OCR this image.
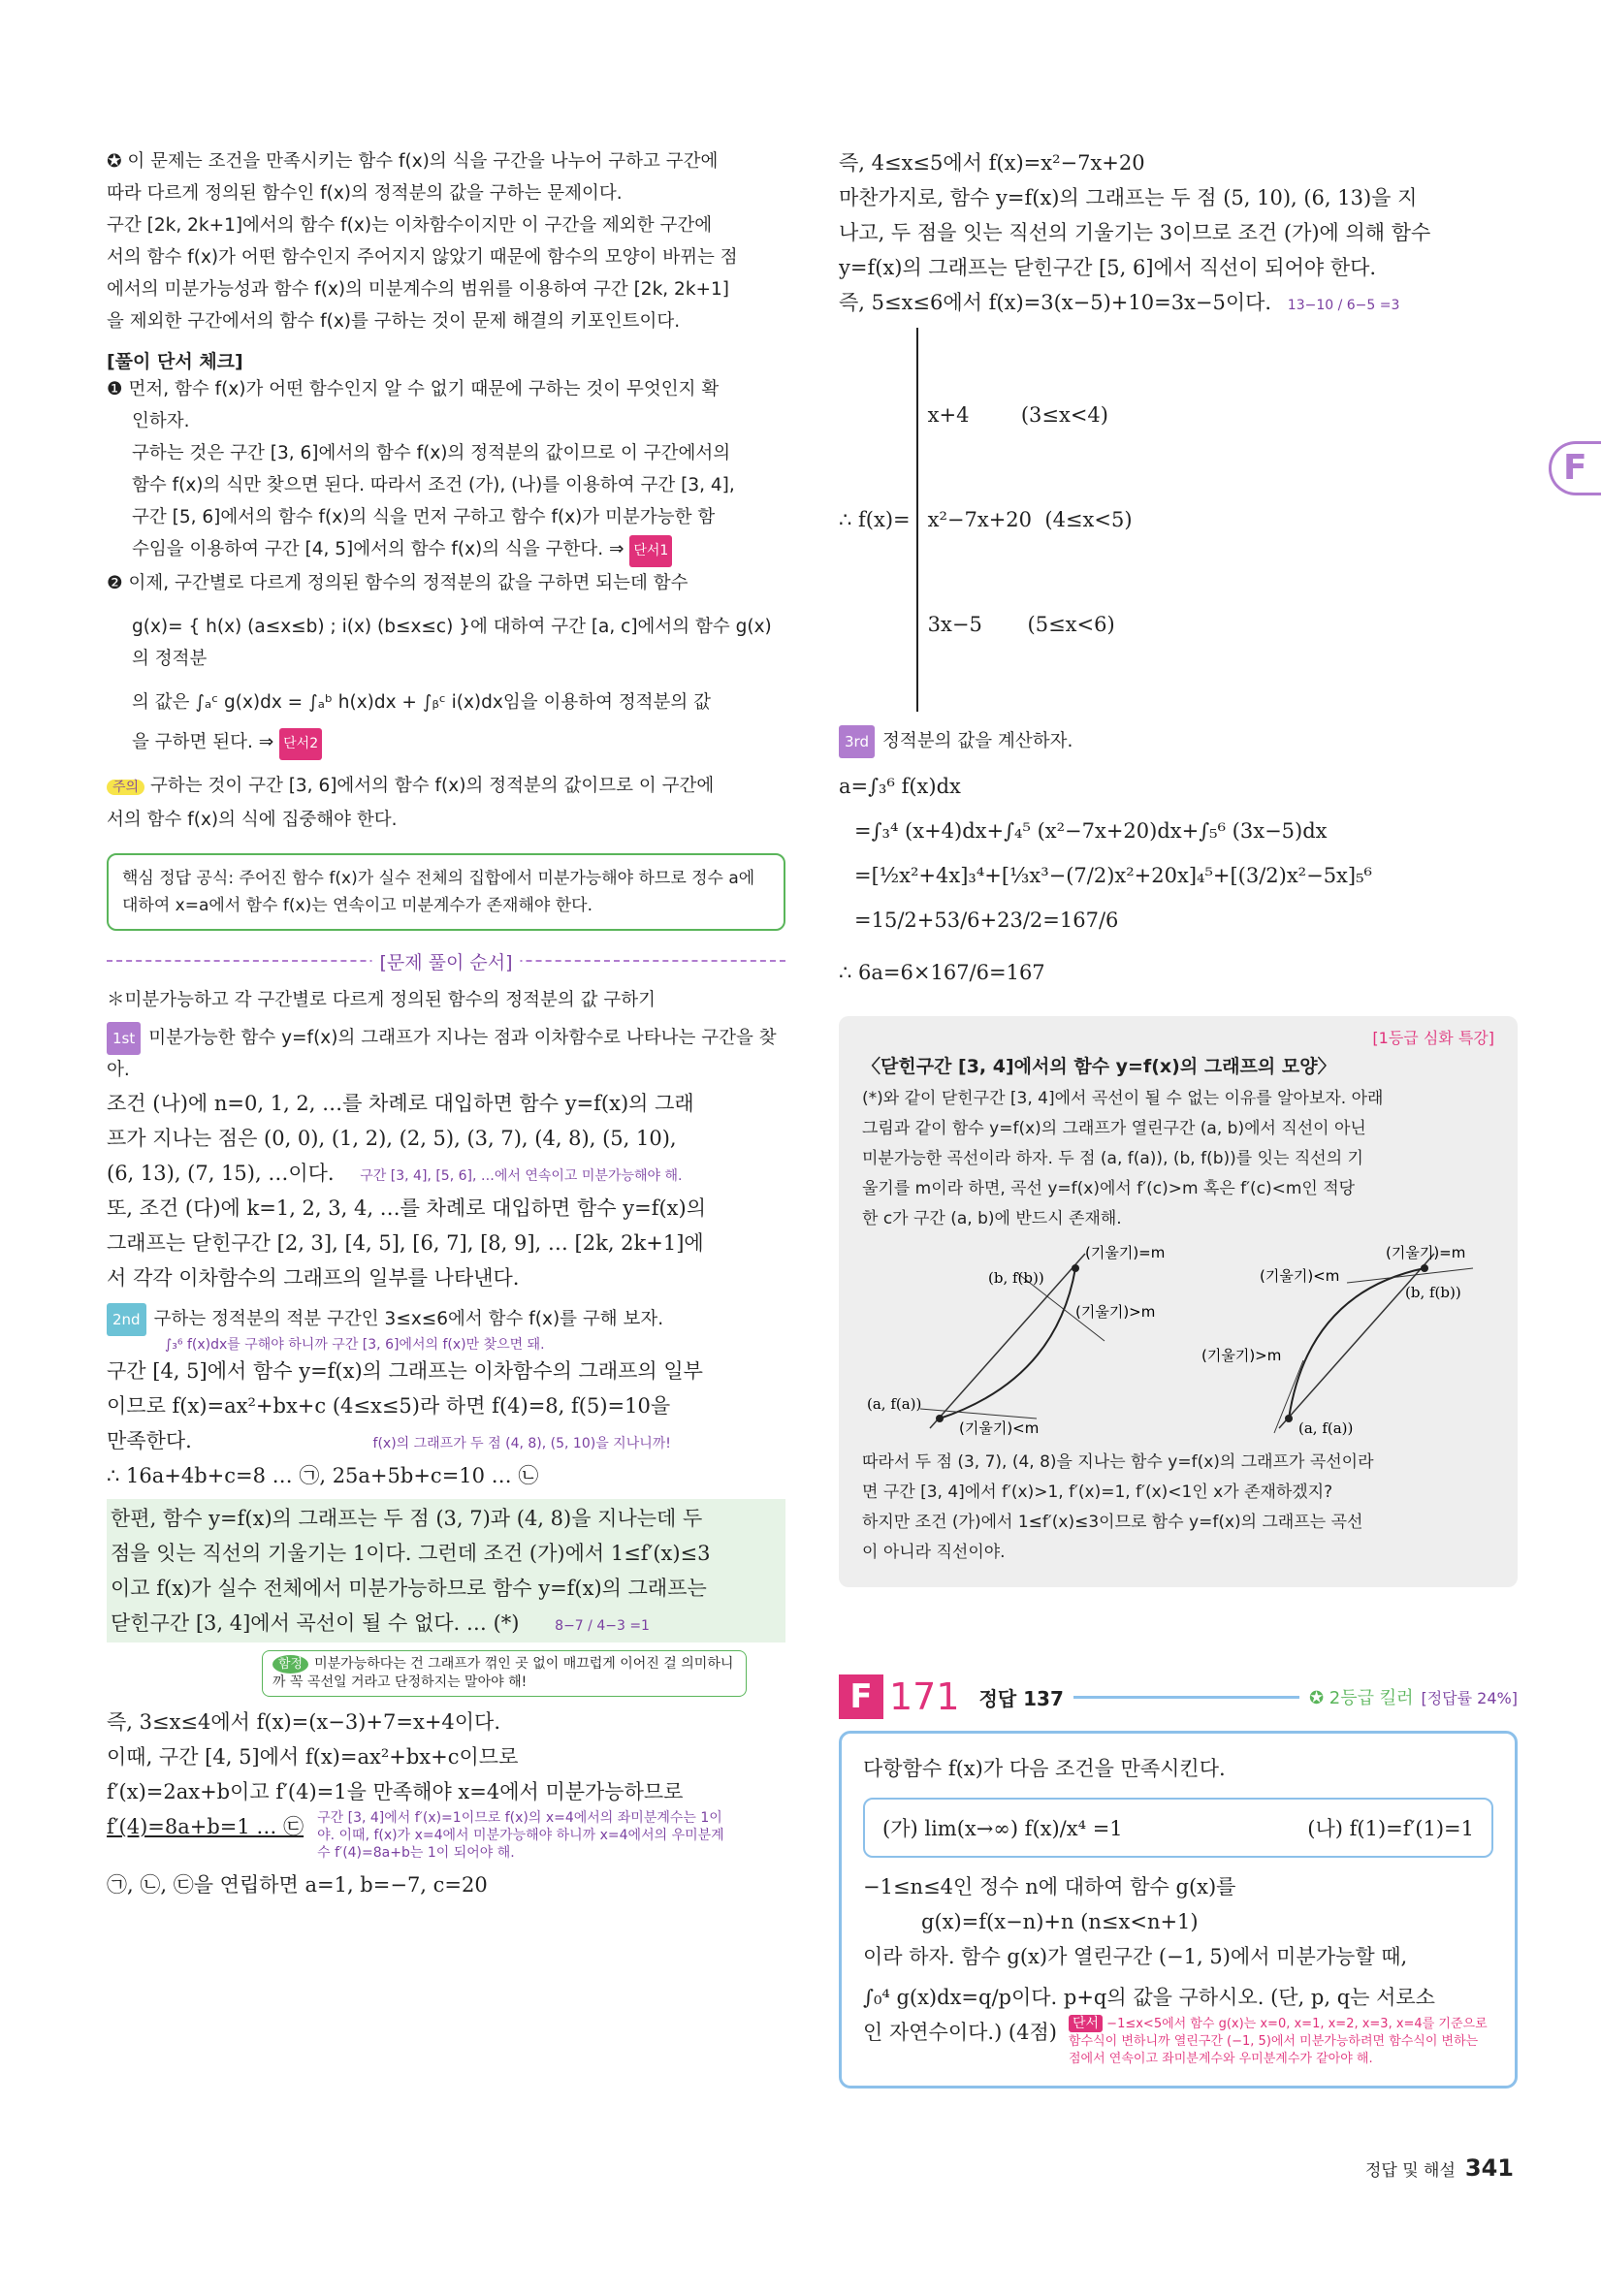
✪ 이 문제는 조건을 만족시키는 함수 f(x)의 식을 구간을 나누어 구하고 구간에
따라 다르게 정의된 함수인 f(x)의 정적분의 값을 구하는 문제이다.
구간 [2k, 2k+1]에서의 함수 f(x)는 이차함수이지만 이 구간을 제외한 구간에
서의 함수 f(x)가 어떤 함수인지 주어지지 않았기 때문에 함수의 모양이 바뀌는 점
에서의 미분가능성과 함수 f(x)의 미분계수의 범위를 이용하여 구간 [2k, 2k+1]
을 제외한 구간에서의 함수 f(x)를 구하는 것이 문제 해결의 키포인트이다.
[풀이 단서 체크]
❶ 먼저, 함수 f(x)가 어떤 함수인지 알 수 없기 때문에 구하는 것이 무엇인지 확
인하자.
구하는 것은 구간 [3, 6]에서의 함수 f(x)의 정적분의 값이므로 이 구간에서의
함수 f(x)의 식만 찾으면 된다. 따라서 조건 (가), (나)를 이용하여 구간 [3, 4],
구간 [5, 6]에서의 함수 f(x)의 식을 먼저 구하고 함수 f(x)가 미분가능한 함
수임을 이용하여 구간 [4, 5]에서의 함수 f(x)의 식을 구한다. ⇒ 단서1
❷ 이제, 구간별로 다르게 정의된 함수의 정적분의 값을 구하면 되는데 함수
g(x)= { h(x) (a≤x≤b) ; i(x) (b≤x≤c) }에 대하여 구간 [a, c]에서의 함수 g(x)의 정적분
의 값은 ∫ₐᶜ g(x)dx = ∫ₐᵇ h(x)dx + ∫ᵦᶜ i(x)dx임을 이용하여 정적분의 값
을 구하면 된다. ⇒ 단서2
주의 구하는 것이 구간 [3, 6]에서의 함수 f(x)의 정적분의 값이므로 이 구간에
서의 함수 f(x)의 식에 집중해야 한다.
핵심 정답 공식: 주어진 함수 f(x)가 실수 전체의 집합에서 미분가능해야 하므로 정수 a에 대하여 x=a에서 함수 f(x)는 연속이고 미분계수가 존재해야 한다.
[문제 풀이 순서]
＊미분가능하고 각 구간별로 다르게 정의된 함수의 정적분의 값 구하기
1st 미분가능한 함수 y=f(x)의 그래프가 지나는 점과 이차함수로 나타나는 구간을 찾아.
조건 (나)에 n=0, 1, 2, …를 차례로 대입하면 함수 y=f(x)의 그래
프가 지나는 점은 (0, 0), (1, 2), (2, 5), (3, 7), (4, 8), (5, 10),
(6, 13), (7, 15), …이다. 구간 [3, 4], [5, 6], …에서 연속이고 미분가능해야 해.
또, 조건 (다)에 k=1, 2, 3, 4, …를 차례로 대입하면 함수 y=f(x)의
그래프는 닫힌구간 [2, 3], [4, 5], [6, 7], [8, 9], … [2k, 2k+1]에
서 각각 이차함수의 그래프의 일부를 나타낸다.
2nd 구하는 정적분의 적분 구간인 3≤x≤6에서 함수 f(x)를 구해 보자.
∫₃⁶ f(x)dx를 구해야 하니까 구간 [3, 6]에서의 f(x)만 찾으면 돼.
구간 [4, 5]에서 함수 y=f(x)의 그래프는 이차함수의 그래프의 일부
이므로 f(x)=ax²+bx+c (4≤x≤5)라 하면 f(4)=8, f(5)=10을
만족한다.	f(x)의 그래프가 두 점 (4, 8), (5, 10)을 지나니까!
∴ 16a+4b+c=8 … ㉠, 25a+5b+c=10 … ㉡
한편, 함수 y=f(x)의 그래프는 두 점 (3, 7)과 (4, 8)을 지나는데 두
점을 잇는 직선의 기울기는 1이다. 그런데 조건 (가)에서 1≤f′(x)≤3
이고 f(x)가 실수 전체에서 미분가능하므로 함수 y=f(x)의 그래프는
닫힌구간 [3, 4]에서 곡선이 될 수 없다. … (*)	8−7 / 4−3 =1
함정 미분가능하다는 건 그래프가 꺾인 곳 없이 매끄럽게 이어진 걸 의미하니까 꼭 곡선일 거라고 단정하지는 말아야 해!
즉, 3≤x≤4에서 f(x)=(x−3)+7=x+4이다.
이때, 구간 [4, 5]에서 f(x)=ax²+bx+c이므로
f′(x)=2ax+b이고 f′(4)=1을 만족해야 x=4에서 미분가능하므로
f′(4)=8a+b=1 … ㉢ 구간 [3, 4]에서 f′(x)=1이므로 f(x)의 x=4에서의 좌미분계수는 1이야. 이때, f(x)가 x=4에서 미분가능해야 하니까 x=4에서의 우미분계수 f′(4)=8a+b는 1이 되어야 해.
㉠, ㉡, ㉢을 연립하면 a=1, b=−7, c=20
즉, 4≤x≤5에서 f(x)=x²−7x+20
마찬가지로, 함수 y=f(x)의 그래프는 두 점 (5, 10), (6, 13)을 지
나고, 두 점을 잇는 직선의 기울기는 3이므로 조건 (가)에 의해 함수
y=f(x)의 그래프는 닫힌구간 [5, 6]에서 직선이 되어야 한다.
즉, 5≤x≤6에서 f(x)=3(x−5)+10=3x−5이다. 13−10 / 6−5 =3
∴ f(x)=

x+4        (3≤x<4)

x²−7x+20  (4≤x<5)

3x−5       (5≤x<6)

3rd 정적분의 값을 계산하자.
a=∫₃⁶ f(x)dx
=∫₃⁴ (x+4)dx+∫₄⁵ (x²−7x+20)dx+∫₅⁶ (3x−5)dx
=[½x²+4x]₃⁴+[⅓x³−(7/2)x²+20x]₄⁵+[(3/2)x²−5x]₅⁶
=15/2+53/6+23/2=167/6
∴ 6a=6×167/6=167
[1등급 심화 특강]
〈닫힌구간 [3, 4]에서의 함수 y=f(x)의 그래프의 모양〉
(*)와 같이 닫힌구간 [3, 4]에서 곡선이 될 수 없는 이유를 알아보자. 아래
그림과 같이 함수 y=f(x)의 그래프가 열린구간 (a, b)에서 직선이 아닌
미분가능한 곡선이라 하자. 두 점 (a, f(a)), (b, f(b))를 잇는 직선의 기
울기를 m이라 하면, 곡선 y=f(x)에서 f′(c)>m 혹은 f′(c)<m인 적당
한 c가 구간 (a, b)에 반드시 존재해.
(기울기)=m
(b, f(b))
(기울기)>m
(a, f(a))
(기울기)<m
(기울기)=m
(기울기)<m
(b, f(b))
(기울기)>m
(a, f(a))
따라서 두 점 (3, 7), (4, 8)을 지나는 함수 y=f(x)의 그래프가 곡선이라
면 구간 [3, 4]에서 f′(x)>1, f′(x)=1, f′(x)<1인 x가 존재하겠지?
하지만 조건 (가)에서 1≤f′(x)≤3이므로 함수 y=f(x)의 그래프는 곡선
이 아니라 직선이야.
F 171 정답 137	✪ 2등급 킬러 [정답률 24%]
다항함수 f(x)가 다음 조건을 만족시킨다.
(가) lim(x→∞) f(x)/x⁴ =1	(나) f(1)=f′(1)=1
−1≤n≤4인 정수 n에 대하여 함수 g(x)를
g(x)=f(x−n)+n (n≤x<n+1)
이라 하자. 함수 g(x)가 열린구간 (−1, 5)에서 미분가능할 때,
∫₀⁴ g(x)dx=q/p이다. p+q의 값을 구하시오. (단, p, q는 서로소
인 자연수이다.) (4점) 단서 −1≤x<5에서 함수 g(x)는 x=0, x=1, x=2, x=3, x=4를 기준으로 함수식이 변하니까 열린구간 (−1, 5)에서 미분가능하려면 함수식이 변하는 점에서 연속이고 좌미분계수와 우미분계수가 같아야 해.
F
정답 및 해설 341
